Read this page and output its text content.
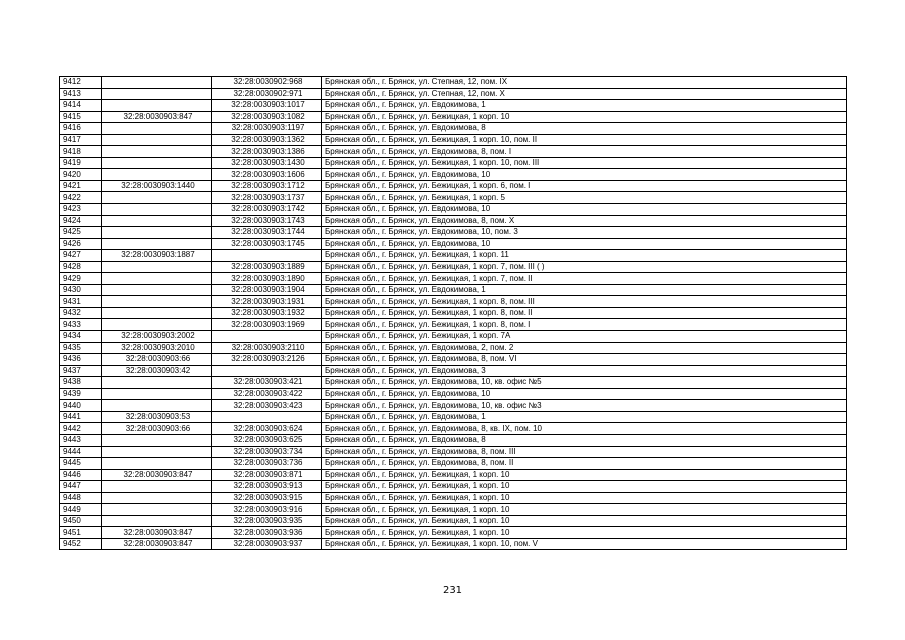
9412		32:28:0030902:968	Брянская обл., г. Брянск, ул. Степная, 12, пом. IX
9413		32:28:0030902:971	Брянская обл., г. Брянск, ул. Степная, 12, пом. X
9414		32:28:0030903:1017	Брянская обл., г. Брянск, ул. Евдокимова, 1
9415	32:28:0030903:847	32:28:0030903:1082	Брянская обл., г. Брянск, ул. Бежицкая, 1 корп. 10
9416		32:28:0030903:1197	Брянская обл., г. Брянск, ул. Евдокимова, 8
9417		32:28:0030903:1362	Брянская обл., г. Брянск, ул. Бежицкая, 1 корп. 10, пом. II
9418		32:28:0030903:1386	Брянская обл., г. Брянск, ул. Евдокимова, 8, пом. I
9419		32:28:0030903:1430	Брянская обл., г. Брянск, ул. Бежицкая, 1 корп. 10, пом. III
9420		32:28:0030903:1606	Брянская обл., г. Брянск, ул. Евдокимова, 10
9421	32:28:0030903:1440	32:28:0030903:1712	Брянская обл., г. Брянск, ул. Бежицкая, 1 корп. 6, пом. I
9422		32:28:0030903:1737	Брянская обл., г. Брянск, ул. Бежицкая, 1 корп. 5
9423		32:28:0030903:1742	Брянская обл., г. Брянск, ул. Евдокимова, 10
9424		32:28:0030903:1743	Брянская обл., г. Брянск, ул. Евдокимова, 8, пом. X
9425		32:28:0030903:1744	Брянская обл., г. Брянск, ул. Евдокимова, 10, пом. 3
9426		32:28:0030903:1745	Брянская обл., г. Брянск, ул. Евдокимова, 10
9427	32:28:0030903:1887		Брянская обл., г. Брянск, ул. Бежицкая, 1 корп. 11
9428		32:28:0030903:1889	Брянская обл., г. Брянск, ул. Бежицкая, 1 корп. 7, пом. III ( )
9429		32:28:0030903:1890	Брянская обл., г. Брянск, ул. Бежицкая, 1 корп. 7, пом. II
9430		32:28:0030903:1904	Брянская обл., г. Брянск, ул. Евдокимова, 1
9431		32:28:0030903:1931	Брянская обл., г. Брянск, ул. Бежицкая, 1 корп. 8, пом. III
9432		32:28:0030903:1932	Брянская обл., г. Брянск, ул. Бежицкая, 1 корп. 8, пом. II
9433		32:28:0030903:1969	Брянская обл., г. Брянск, ул. Бежицкая, 1 корп. 8, пом. I
9434	32:28:0030903:2002		Брянская обл., г. Брянск, ул. Бежицкая, 1 корп. 7А
9435	32:28:0030903:2010	32:28:0030903:2110	Брянская обл., г. Брянск, ул. Евдокимова, 2, пом. 2
9436	32:28:0030903:66	32:28:0030903:2126	Брянская обл., г. Брянск, ул. Евдокимова, 8, пом. VI
9437	32:28:0030903:42		Брянская обл., г. Брянск, ул. Евдокимова, 3
9438		32:28:0030903:421	Брянская обл., г. Брянск, ул. Евдокимова, 10, кв. офис №5
9439		32:28:0030903:422	Брянская обл., г. Брянск, ул. Евдокимова, 10
9440		32:28:0030903:423	Брянская обл., г. Брянск, ул. Евдокимова, 10, кв. офис №3
9441	32:28:0030903:53		Брянская обл., г. Брянск, ул. Евдокимова, 1
9442	32:28:0030903:66	32:28:0030903:624	Брянская обл., г. Брянск, ул. Евдокимова, 8, кв. IX, пом. 10
9443		32:28:0030903:625	Брянская обл., г. Брянск, ул. Евдокимова, 8
9444		32:28:0030903:734	Брянская обл., г. Брянск, ул. Евдокимова, 8, пом. III
9445		32:28:0030903:736	Брянская обл., г. Брянск, ул. Евдокимова, 8, пом. II
9446	32:28:0030903:847	32:28:0030903:871	Брянская обл., г. Брянск, ул. Бежицкая, 1 корп. 10
9447		32:28:0030903:913	Брянская обл., г. Брянск, ул. Бежицкая, 1 корп. 10
9448		32:28:0030903:915	Брянская обл., г. Брянск, ул. Бежицкая, 1 корп. 10
9449		32:28:0030903:916	Брянская обл., г. Брянск, ул. Бежицкая, 1 корп. 10
9450		32:28:0030903:935	Брянская обл., г. Брянск, ул. Бежицкая, 1 корп. 10
9451	32:28:0030903:847	32:28:0030903:936	Брянская обл., г. Брянск, ул. Бежицкая, 1 корп. 10
9452	32:28:0030903:847	32:28:0030903:937	Брянская обл., г. Брянск, ул. Бежицкая, 1 корп. 10, пом. V
231
